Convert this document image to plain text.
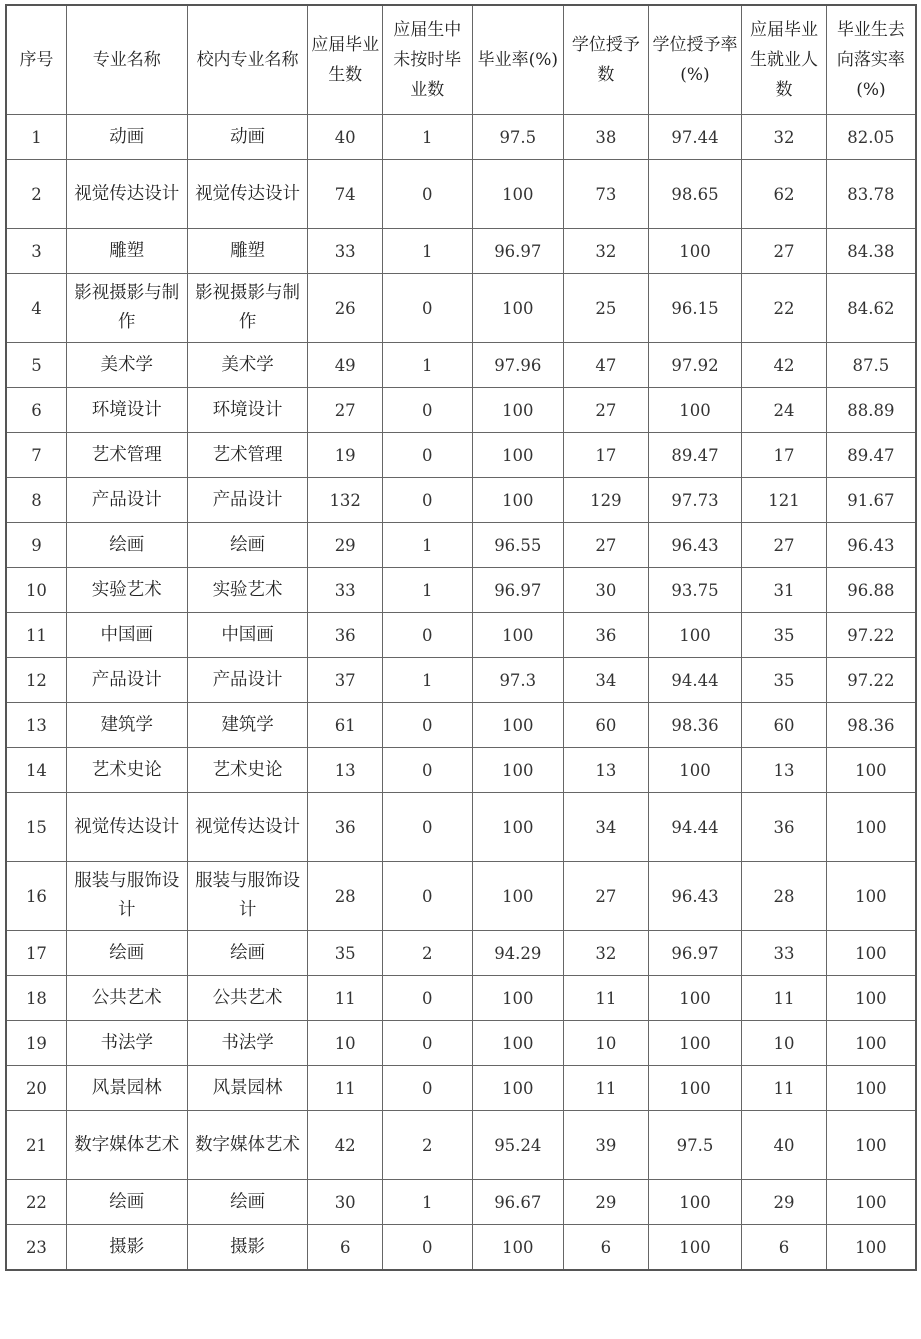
序号	专业名称	校内专业名称	应届毕业生数	应届生中未按时毕业数	毕业率(%)	学位授予数	学位授予率 (%)	应届毕业生就业人数	毕业生去向落实率(%)
1	动画	动画	40	1	97.5	38	97.44	32	82.05
2	视觉传达设计	视觉传达设计	74	0	100	73	98.65	62	83.78
3	雕塑	雕塑	33	1	96.97	32	100	27	84.38
4	影视摄影与制作	影视摄影与制作	26	0	100	25	96.15	22	84.62
5	美术学	美术学	49	1	97.96	47	97.92	42	87.5
6	环境设计	环境设计	27	0	100	27	100	24	88.89
7	艺术管理	艺术管理	19	0	100	17	89.47	17	89.47
8	产品设计	产品设计	132	0	100	129	97.73	121	91.67
9	绘画	绘画	29	1	96.55	27	96.43	27	96.43
10	实验艺术	实验艺术	33	1	96.97	30	93.75	31	96.88
11	中国画	中国画	36	0	100	36	100	35	97.22
12	产品设计	产品设计	37	1	97.3	34	94.44	35	97.22
13	建筑学	建筑学	61	0	100	60	98.36	60	98.36
14	艺术史论	艺术史论	13	0	100	13	100	13	100
15	视觉传达设计	视觉传达设计	36	0	100	34	94.44	36	100
16	服装与服饰设计	服装与服饰设计	28	0	100	27	96.43	28	100
17	绘画	绘画	35	2	94.29	32	96.97	33	100
18	公共艺术	公共艺术	11	0	100	11	100	11	100
19	书法学	书法学	10	0	100	10	100	10	100
20	风景园林	风景园林	11	0	100	11	100	11	100
21	数字媒体艺术	数字媒体艺术	42	2	95.24	39	97.5	40	100
22	绘画	绘画	30	1	96.67	29	100	29	100
23	摄影	摄影	6	0	100	6	100	6	100
